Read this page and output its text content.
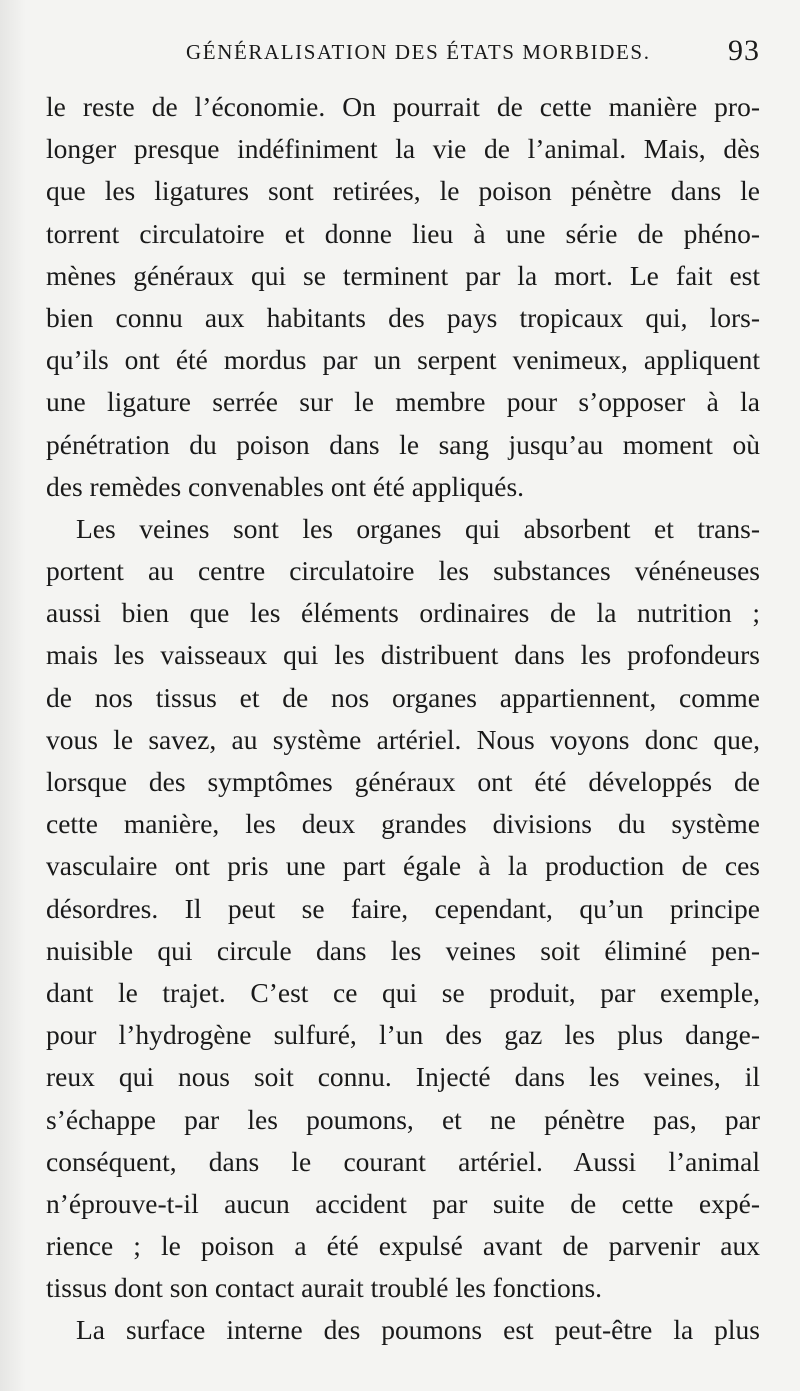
GÉNÉRALISATION DES ÉTATS MORBIDES.	93
le reste de l’économie. On pourrait de cette manière pro-
longer presque indéfiniment la vie de l’animal. Mais, dès
que les ligatures sont retirées, le poison pénètre dans le
torrent circulatoire et donne lieu à une série de phéno-
mènes généraux qui se terminent par la mort. Le fait est
bien connu aux habitants des pays tropicaux qui, lors-
qu’ils ont été mordus par un serpent venimeux, appliquent
une ligature serrée sur le membre pour s’opposer à la
pénétration du poison dans le sang jusqu’au moment où
des remèdes convenables ont été appliqués.
Les veines sont les organes qui absorbent et trans-
portent au centre circulatoire les substances vénéneuses
aussi bien que les éléments ordinaires de la nutrition ;
mais les vaisseaux qui les distribuent dans les profondeurs
de nos tissus et de nos organes appartiennent, comme
vous le savez, au système artériel. Nous voyons donc que,
lorsque des symptômes généraux ont été développés de
cette manière, les deux grandes divisions du système
vasculaire ont pris une part égale à la production de ces
désordres. Il peut se faire, cependant, qu’un principe
nuisible qui circule dans les veines soit éliminé pen-
dant le trajet. C’est ce qui se produit, par exemple,
pour l’hydrogène sulfuré, l’un des gaz les plus dange-
reux qui nous soit connu. Injecté dans les veines, il
s’échappe par les poumons, et ne pénètre pas, par
conséquent, dans le courant artériel. Aussi l’animal
n’éprouve-t-il aucun accident par suite de cette expé-
rience ; le poison a été expulsé avant de parvenir aux
tissus dont son contact aurait troublé les fonctions.
La surface interne des poumons est peut-être la plus
